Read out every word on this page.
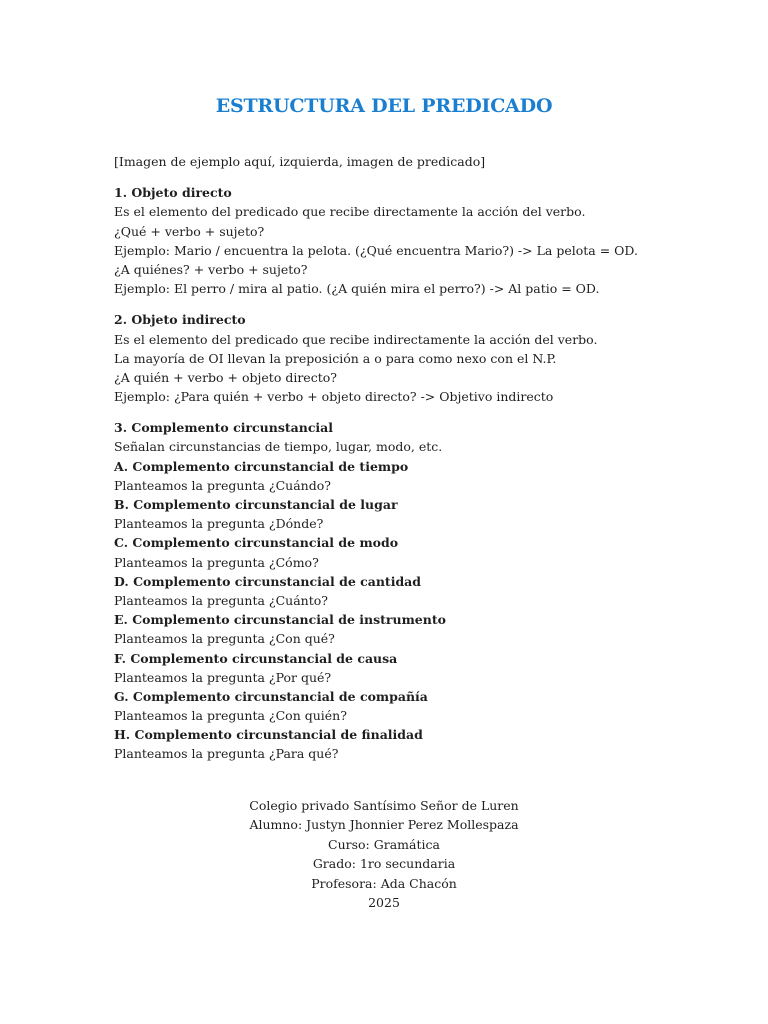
ESTRUCTURA DEL PREDICADO
[Imagen de ejemplo aquí, izquierda, imagen de predicado]
1. Objeto directo
Es el elemento del predicado que recibe directamente la acción del verbo.
¿Qué + verbo + sujeto?
Ejemplo: Mario / encuentra la pelota. (¿Qué encuentra Mario?) -> La pelota = OD.
¿A quiénes? + verbo + sujeto?
Ejemplo: El perro / mira al patio. (¿A quién mira el perro?) -> Al patio = OD.
2. Objeto indirecto
Es el elemento del predicado que recibe indirectamente la acción del verbo.
La mayoría de OI llevan la preposición a o para como nexo con el N.P.
¿A quién + verbo + objeto directo?
Ejemplo: ¿Para quién + verbo + objeto directo? -> Objetivo indirecto
3. Complemento circunstancial
Señalan circunstancias de tiempo, lugar, modo, etc.
A. Complemento circunstancial de tiempo
Planteamos la pregunta ¿Cuándo?
B. Complemento circunstancial de lugar
Planteamos la pregunta ¿Dónde?
C. Complemento circunstancial de modo
Planteamos la pregunta ¿Cómo?
D. Complemento circunstancial de cantidad
Planteamos la pregunta ¿Cuánto?
E. Complemento circunstancial de instrumento
Planteamos la pregunta ¿Con qué?
F. Complemento circunstancial de causa
Planteamos la pregunta ¿Por qué?
G. Complemento circunstancial de compañía
Planteamos la pregunta ¿Con quién?
H. Complemento circunstancial de finalidad
Planteamos la pregunta ¿Para qué?
Colegio privado Santísimo Señor de Luren
Alumno: Justyn Jhonnier Perez Mollespaza
Curso: Gramática
Grado: 1ro secundaria
Profesora: Ada Chacón
2025
